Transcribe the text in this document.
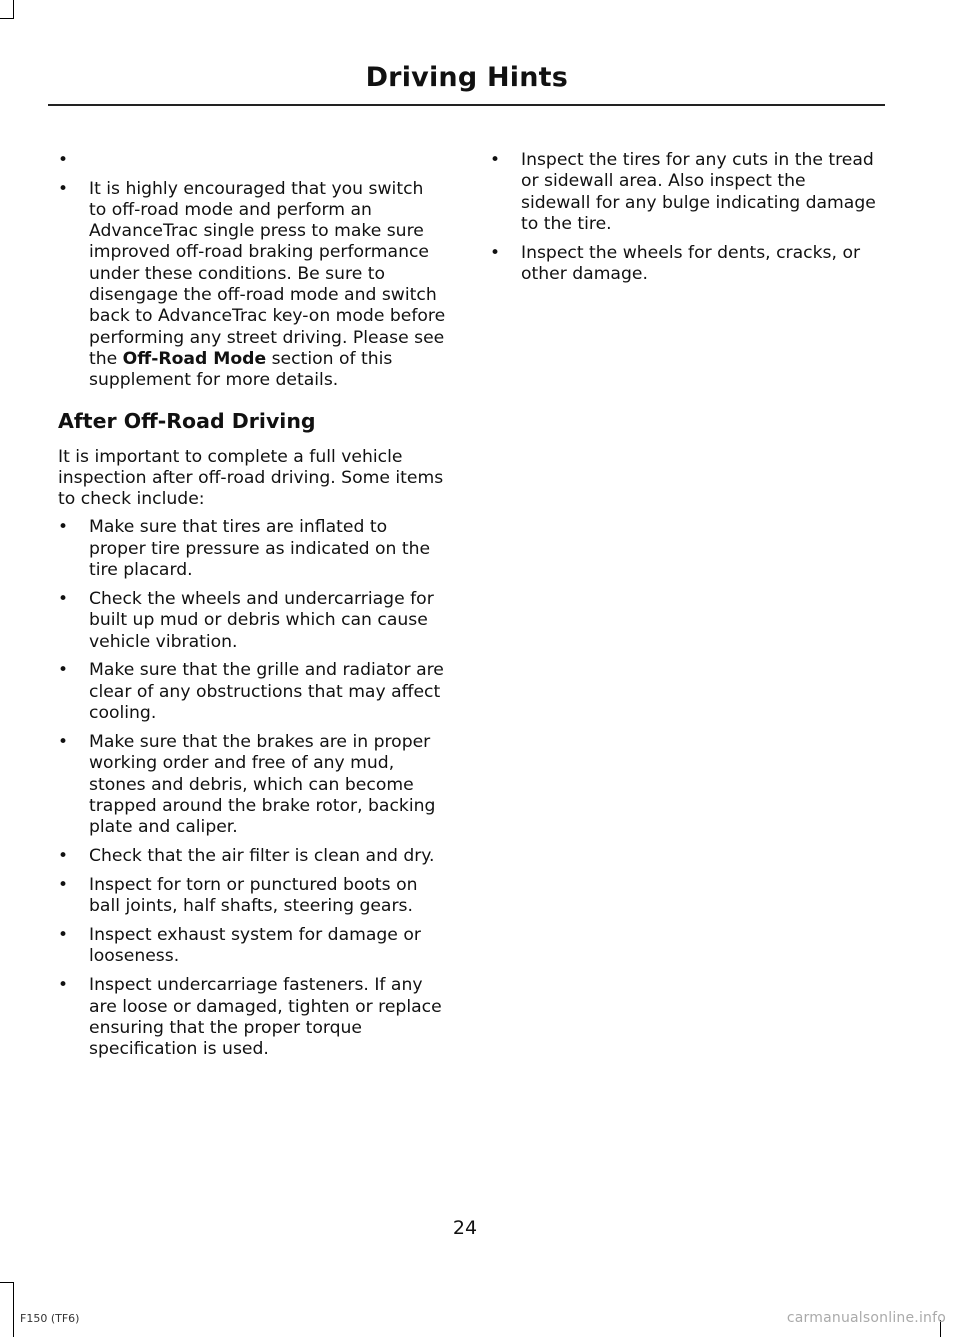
Driving Hints
•
• It is highly encouraged that you switch to off-road mode and perform an AdvanceTrac single press to make sure improved off-road braking performance under these conditions. Be sure to disengage the off-road mode and switch back to AdvanceTrac key-on mode before performing any street driving. Please see the Off-Road Mode section of this supplement for more details.
After Off-Road Driving

It is important to complete a full vehicle inspection after off-road driving. Some items to check include:

• Make sure that tires are inflated to proper tire pressure as indicated on the tire placard.
• Check the wheels and undercarriage for built up mud or debris which can cause vehicle vibration.
• Make sure that the grille and radiator are clear of any obstructions that may affect cooling.
• Make sure that the brakes are in proper working order and free of any mud, stones and debris, which can become trapped around the brake rotor, backing plate and caliper.
• Check that the air filter is clean and dry.
• Inspect for torn or punctured boots on ball joints, half shafts, steering gears.
• Inspect exhaust system for damage or looseness.
• Inspect undercarriage fasteners. If any are loose or damaged, tighten or replace ensuring that the proper torque specification is used.
• Inspect the tires for any cuts in the tread or sidewall area. Also inspect the sidewall for any bulge indicating damage to the tire.
• Inspect the wheels for dents, cracks, or other damage.
24
F150 (TF6)	carmanualsonline.info
